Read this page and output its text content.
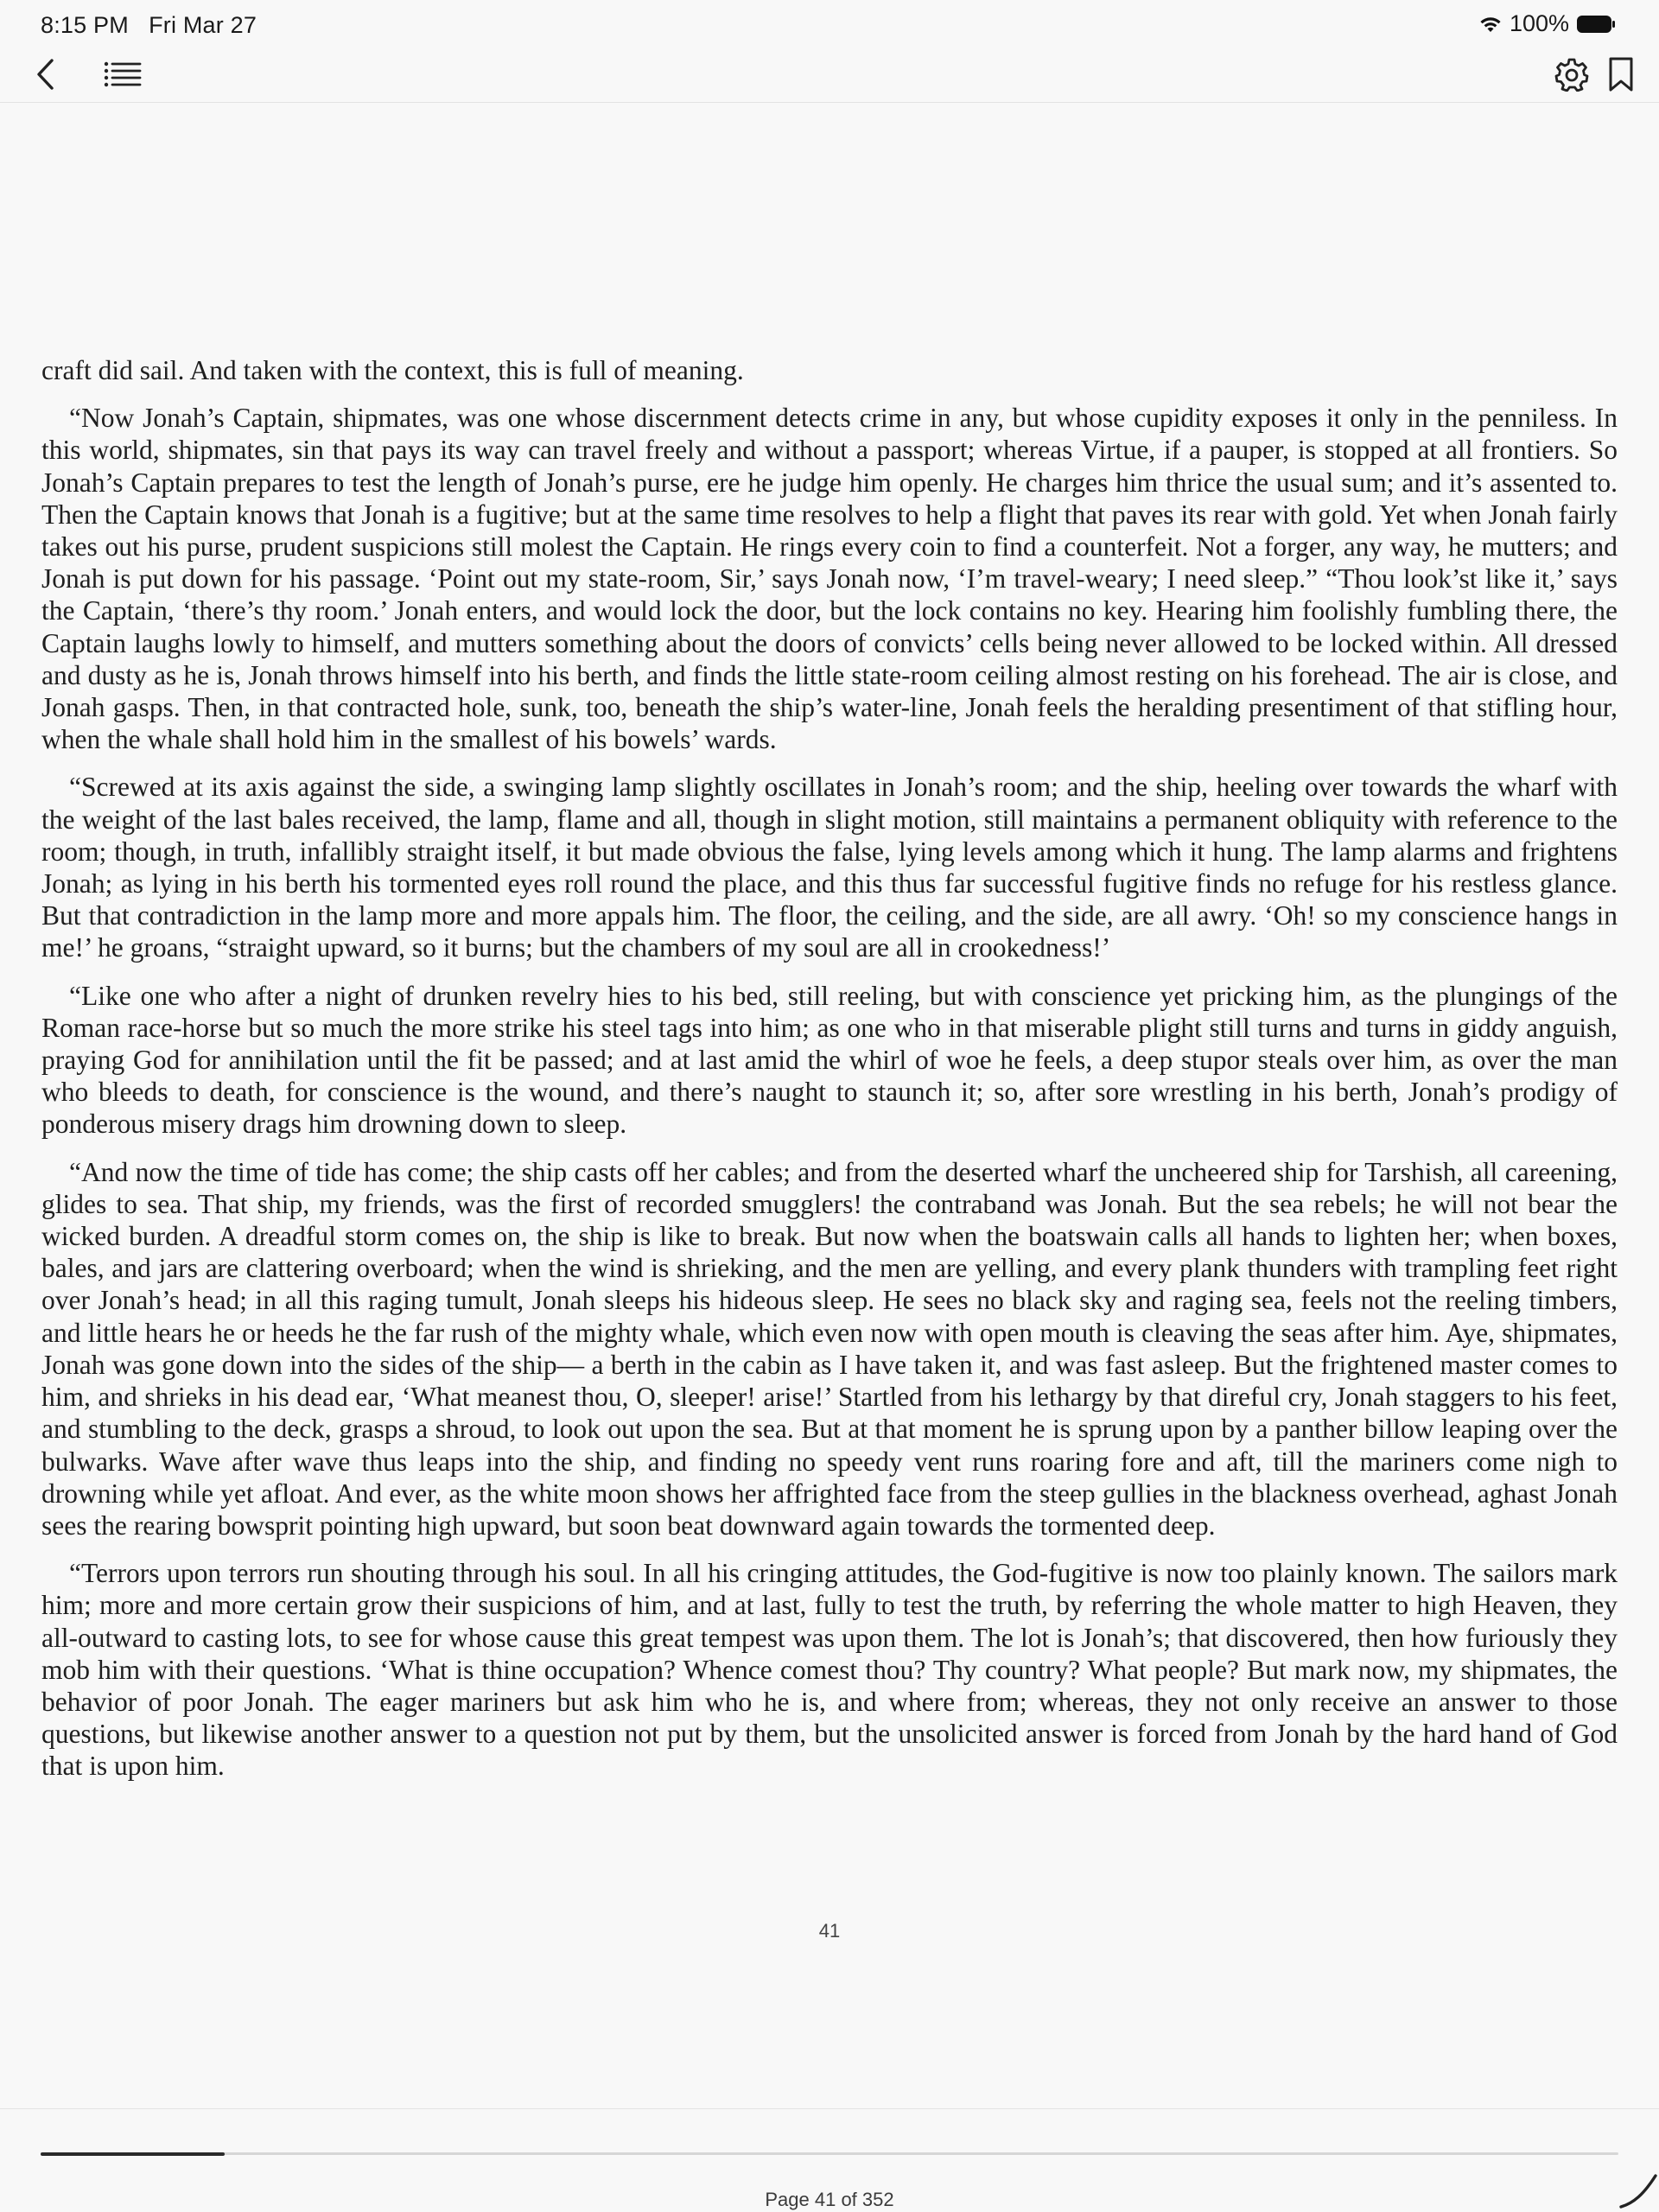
8:15 PM Fri Mar 27	100%

craft did sail. And taken with the context, this is full of meaning.

“Now Jonah’s Captain, shipmates, was one whose discernment detects crime in any, but whose cupidity exposes it only in the penniless. In this world, shipmates, sin that pays its way can travel freely and without a passport; whereas Virtue, if a pauper, is stopped at all frontiers. So Jonah’s Captain prepares to test the length of Jonah’s purse, ere he judge him openly. He charges him thrice the usual sum; and it’s assented to. Then the Captain knows that Jonah is a fugitive; but at the same time resolves to help a flight that paves its rear with gold. Yet when Jonah fairly takes out his purse, prudent suspicions still molest the Captain. He rings every coin to find a counterfeit. Not a forger, any way, he mutters; and Jonah is put down for his passage. ‘Point out my state-room, Sir,’ says Jonah now, ‘I’m travel-weary; I need sleep.” “Thou look’st like it,’ says the Captain, ‘there’s thy room.’ Jonah enters, and would lock the door, but the lock contains no key. Hearing him foolishly fumbling there, the Captain laughs lowly to himself, and mutters something about the doors of convicts’ cells being never allowed to be locked within. All dressed and dusty as he is, Jonah throws himself into his berth, and finds the little state-room ceiling almost resting on his forehead. The air is close, and Jonah gasps. Then, in that contracted hole, sunk, too, beneath the ship’s water-line, Jonah feels the heralding presentiment of that stifling hour, when the whale shall hold him in the smallest of his bowels’ wards.

“Screwed at its axis against the side, a swinging lamp slightly oscillates in Jonah’s room; and the ship, heeling over towards the wharf with the weight of the last bales received, the lamp, flame and all, though in slight motion, still maintains a permanent obliquity with reference to the room; though, in truth, infallibly straight itself, it but made obvious the false, lying levels among which it hung. The lamp alarms and frightens Jonah; as lying in his berth his tormented eyes roll round the place, and this thus far successful fugitive finds no refuge for his restless glance. But that contradiction in the lamp more and more appals him. The floor, the ceiling, and the side, are all awry. ‘Oh! so my conscience hangs in me!’ he groans, “straight upward, so it burns; but the chambers of my soul are all in crookedness!’

“Like one who after a night of drunken revelry hies to his bed, still reeling, but with conscience yet pricking him, as the plungings of the Roman race-horse but so much the more strike his steel tags into him; as one who in that miserable plight still turns and turns in giddy anguish, praying God for annihilation until the fit be passed; and at last amid the whirl of woe he feels, a deep stupor steals over him, as over the man who bleeds to death, for conscience is the wound, and there’s naught to staunch it; so, after sore wrestling in his berth, Jonah’s prodigy of ponderous misery drags him drowning down to sleep.

“And now the time of tide has come; the ship casts off her cables; and from the deserted wharf the uncheered ship for Tarshish, all careening, glides to sea. That ship, my friends, was the first of recorded smugglers! the contraband was Jonah. But the sea rebels; he will not bear the wicked burden. A dreadful storm comes on, the ship is like to break. But now when the boatswain calls all hands to lighten her; when boxes, bales, and jars are clattering overboard; when the wind is shrieking, and the men are yelling, and every plank thunders with trampling feet right over Jonah’s head; in all this raging tumult, Jonah sleeps his hideous sleep. He sees no black sky and raging sea, feels not the reeling timbers, and little hears he or heeds he the far rush of the mighty whale, which even now with open mouth is cleaving the seas after him. Aye, shipmates, Jonah was gone down into the sides of the ship— a berth in the cabin as I have taken it, and was fast asleep. But the frightened master comes to him, and shrieks in his dead ear, ‘What meanest thou, O, sleeper! arise!’ Startled from his lethargy by that direful cry, Jonah staggers to his feet, and stumbling to the deck, grasps a shroud, to look out upon the sea. But at that moment he is sprung upon by a panther billow leaping over the bulwarks. Wave after wave thus leaps into the ship, and finding no speedy vent runs roaring fore and aft, till the mariners come nigh to drowning while yet afloat. And ever, as the white moon shows her affrighted face from the steep gullies in the blackness overhead, aghast Jonah sees the rearing bowsprit pointing high upward, but soon beat downward again towards the tormented deep.

“Terrors upon terrors run shouting through his soul. In all his cringing attitudes, the God-fugitive is now too plainly known. The sailors mark him; more and more certain grow their suspicions of him, and at last, fully to test the truth, by referring the whole matter to high Heaven, they all-outward to casting lots, to see for whose cause this great tempest was upon them. The lot is Jonah’s; that discovered, then how furiously they mob him with their questions. ‘What is thine occupation? Whence comest thou? Thy country? What people? But mark now, my shipmates, the behavior of poor Jonah. The eager mariners but ask him who he is, and where from; whereas, they not only receive an answer to those questions, but likewise another answer to a question not put by them, but the unsolicited answer is forced from Jonah by the hard hand of God that is upon him.

41
Page 41 of 352
